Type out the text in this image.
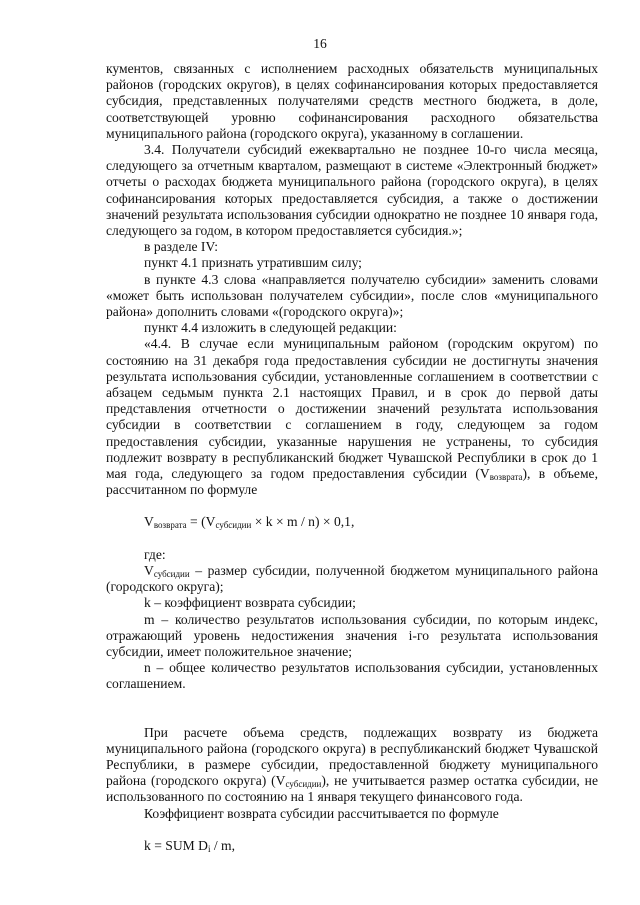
16

кументов, связанных с исполнением расходных обязательств муниципальных районов (городских округов), в целях софинансирования которых предоставляется субсидия, представленных получателями средств местного бюджета, в доле, соответствующей уровню софинансирования расходного обязательства муниципального района (городского округа), указанному в соглашении.

3.4. Получатели субсидий ежеквартально не позднее 10-го числа месяца, следующего за отчетным кварталом, размещают в системе «Электронный бюджет» отчеты о расходах бюджета муниципального района (городского округа), в целях софинансирования которых предоставляется субсидия, а также о достижении значений результата использования субсидии однократно не позднее 10 января года, следующего за годом, в котором предоставляется субсидия.»;

в разделе IV:

пункт 4.1 признать утратившим силу;

в пункте 4.3 слова «направляется получателю субсидии» заменить словами «может быть использован получателем субсидии», после слов «муниципального района» дополнить словами «(городского округа)»;

пункт 4.4 изложить в следующей редакции:

«4.4. В случае если муниципальным районом (городским округом) по состоянию на 31 декабря года предоставления субсидии не достигнуты значения результата использования субсидии, установленные соглашением в соответствии с абзацем седьмым пункта 2.1 настоящих Правил, и в срок до первой даты представления отчетности о достижении значений результата использования субсидии в соответствии с соглашением в году, следующем за годом предоставления субсидии, указанные нарушения не устранены, то субсидия подлежит возврату в республиканский бюджет Чувашской Республики в срок до 1 мая года, следующего за годом предоставления субсидии $(V_{возврата})$, в объеме, рассчитанном по формуле

$V_{возврата} = (V_{субсидии} \times k \times m / n) \times 0,1$,

где:

$V_{субсидии}$ – размер субсидии, полученной бюджетом муниципального района (городского округа);

k – коэффициент возврата субсидии;

m – количество результатов использования субсидии, по которым индекс, отражающий уровень недостижения значения i-го результата использования субсидии, имеет положительное значение;

n – общее количество результатов использования субсидии, установленных соглашением.

При расчете объема средств, подлежащих возврату из бюджета муниципального района (городского округа) в республиканский бюджет Чувашской Республики, в размере субсидии, предоставленной бюджету муниципального района (городского округа) $(V_{субсидии})$, не учитывается размер остатка субсидии, не использованного по состоянию на 1 января текущего финансового года.

Коэффициент возврата субсидии рассчитывается по формуле

k = SUM $D_i$ / m,
